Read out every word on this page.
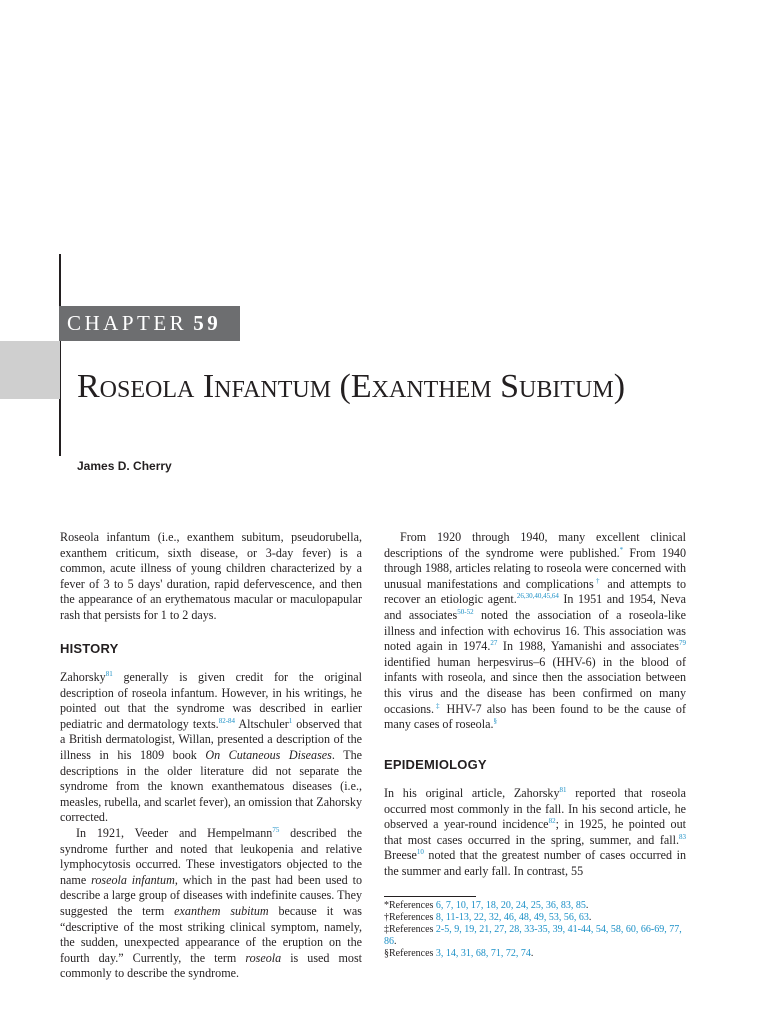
CHAPTER 59
Roseola Infantum (Exanthem Subitum)
James D. Cherry

Roseola infantum (i.e., exanthem subitum, pseudorubella, exanthem criticum, sixth disease, or 3-day fever) is a common, acute illness of young children characterized by a fever of 3 to 5 days' duration, rapid defervescence, and then the appearance of an erythematous macular or maculopapular rash that persists for 1 to 2 days.

HISTORY

Zahorsky$^{81}$ generally is given credit for the original description of roseola infantum. However, in his writings, he pointed out that the syndrome was described in earlier pediatric and dermatology texts.$^{82-84}$ Altschuler$^1$ observed that a British dermatologist, Willan, presented a description of the illness in his 1809 book On Cutaneous Diseases. The descriptions in the older literature did not separate the syndrome from the known exanthematous diseases (i.e., measles, rubella, and scarlet fever), an omission that Zahorsky corrected.

In 1921, Veeder and Hempelmann$^{75}$ described the syndrome further and noted that leukopenia and relative lymphocytosis occurred. These investigators objected to the name roseola infantum, which in the past had been used to describe a large group of diseases with indefinite causes. They suggested the term exanthem subitum because it was “descriptive of the most striking clinical symptom, namely, the sudden, unexpected appearance of the eruption on the fourth day.” Currently, the term roseola is used most commonly to describe the syndrome.

From 1920 through 1940, many excellent clinical descriptions of the syndrome were published.* From 1940 through 1988, articles relating to roseola were concerned with unusual manifestations and complications† and attempts to recover an etiologic agent.$^{26,30,40,45,64}$ In 1951 and 1954, Neva and associates$^{50-52}$ noted the association of a roseola-like illness and infection with echovirus 16. This association was noted again in 1974.27 In 1988, Yamanishi and associates$^{79}$ identified human herpesvirus–6 (HHV-6) in the blood of infants with roseola, and since then the association between this virus and the disease has been confirmed on many occasions.‡ HHV-7 also has been found to be the cause of many cases of roseola.§

EPIDEMIOLOGY

In his original article, Zahorsky$^{81}$ reported that roseola occurred most commonly in the fall. In his second article, he observed a year-round incidence$^{82}$; in 1925, he pointed out that most cases occurred in the spring, summer, and fall.$^{83}$ Breese$^{10}$ noted that the greatest number of cases occurred in the summer and early fall. In contrast, 55

*References 6, 7, 10, 17, 18, 20, 24, 25, 36, 83, 85.
†References 8, 11-13, 22, 32, 46, 48, 49, 53, 56, 63.
‡References 2-5, 9, 19, 21, 27, 28, 33-35, 39, 41-44, 54, 58, 60, 66-69, 77, 86.
§References 3, 14, 31, 68, 71, 72, 74.
